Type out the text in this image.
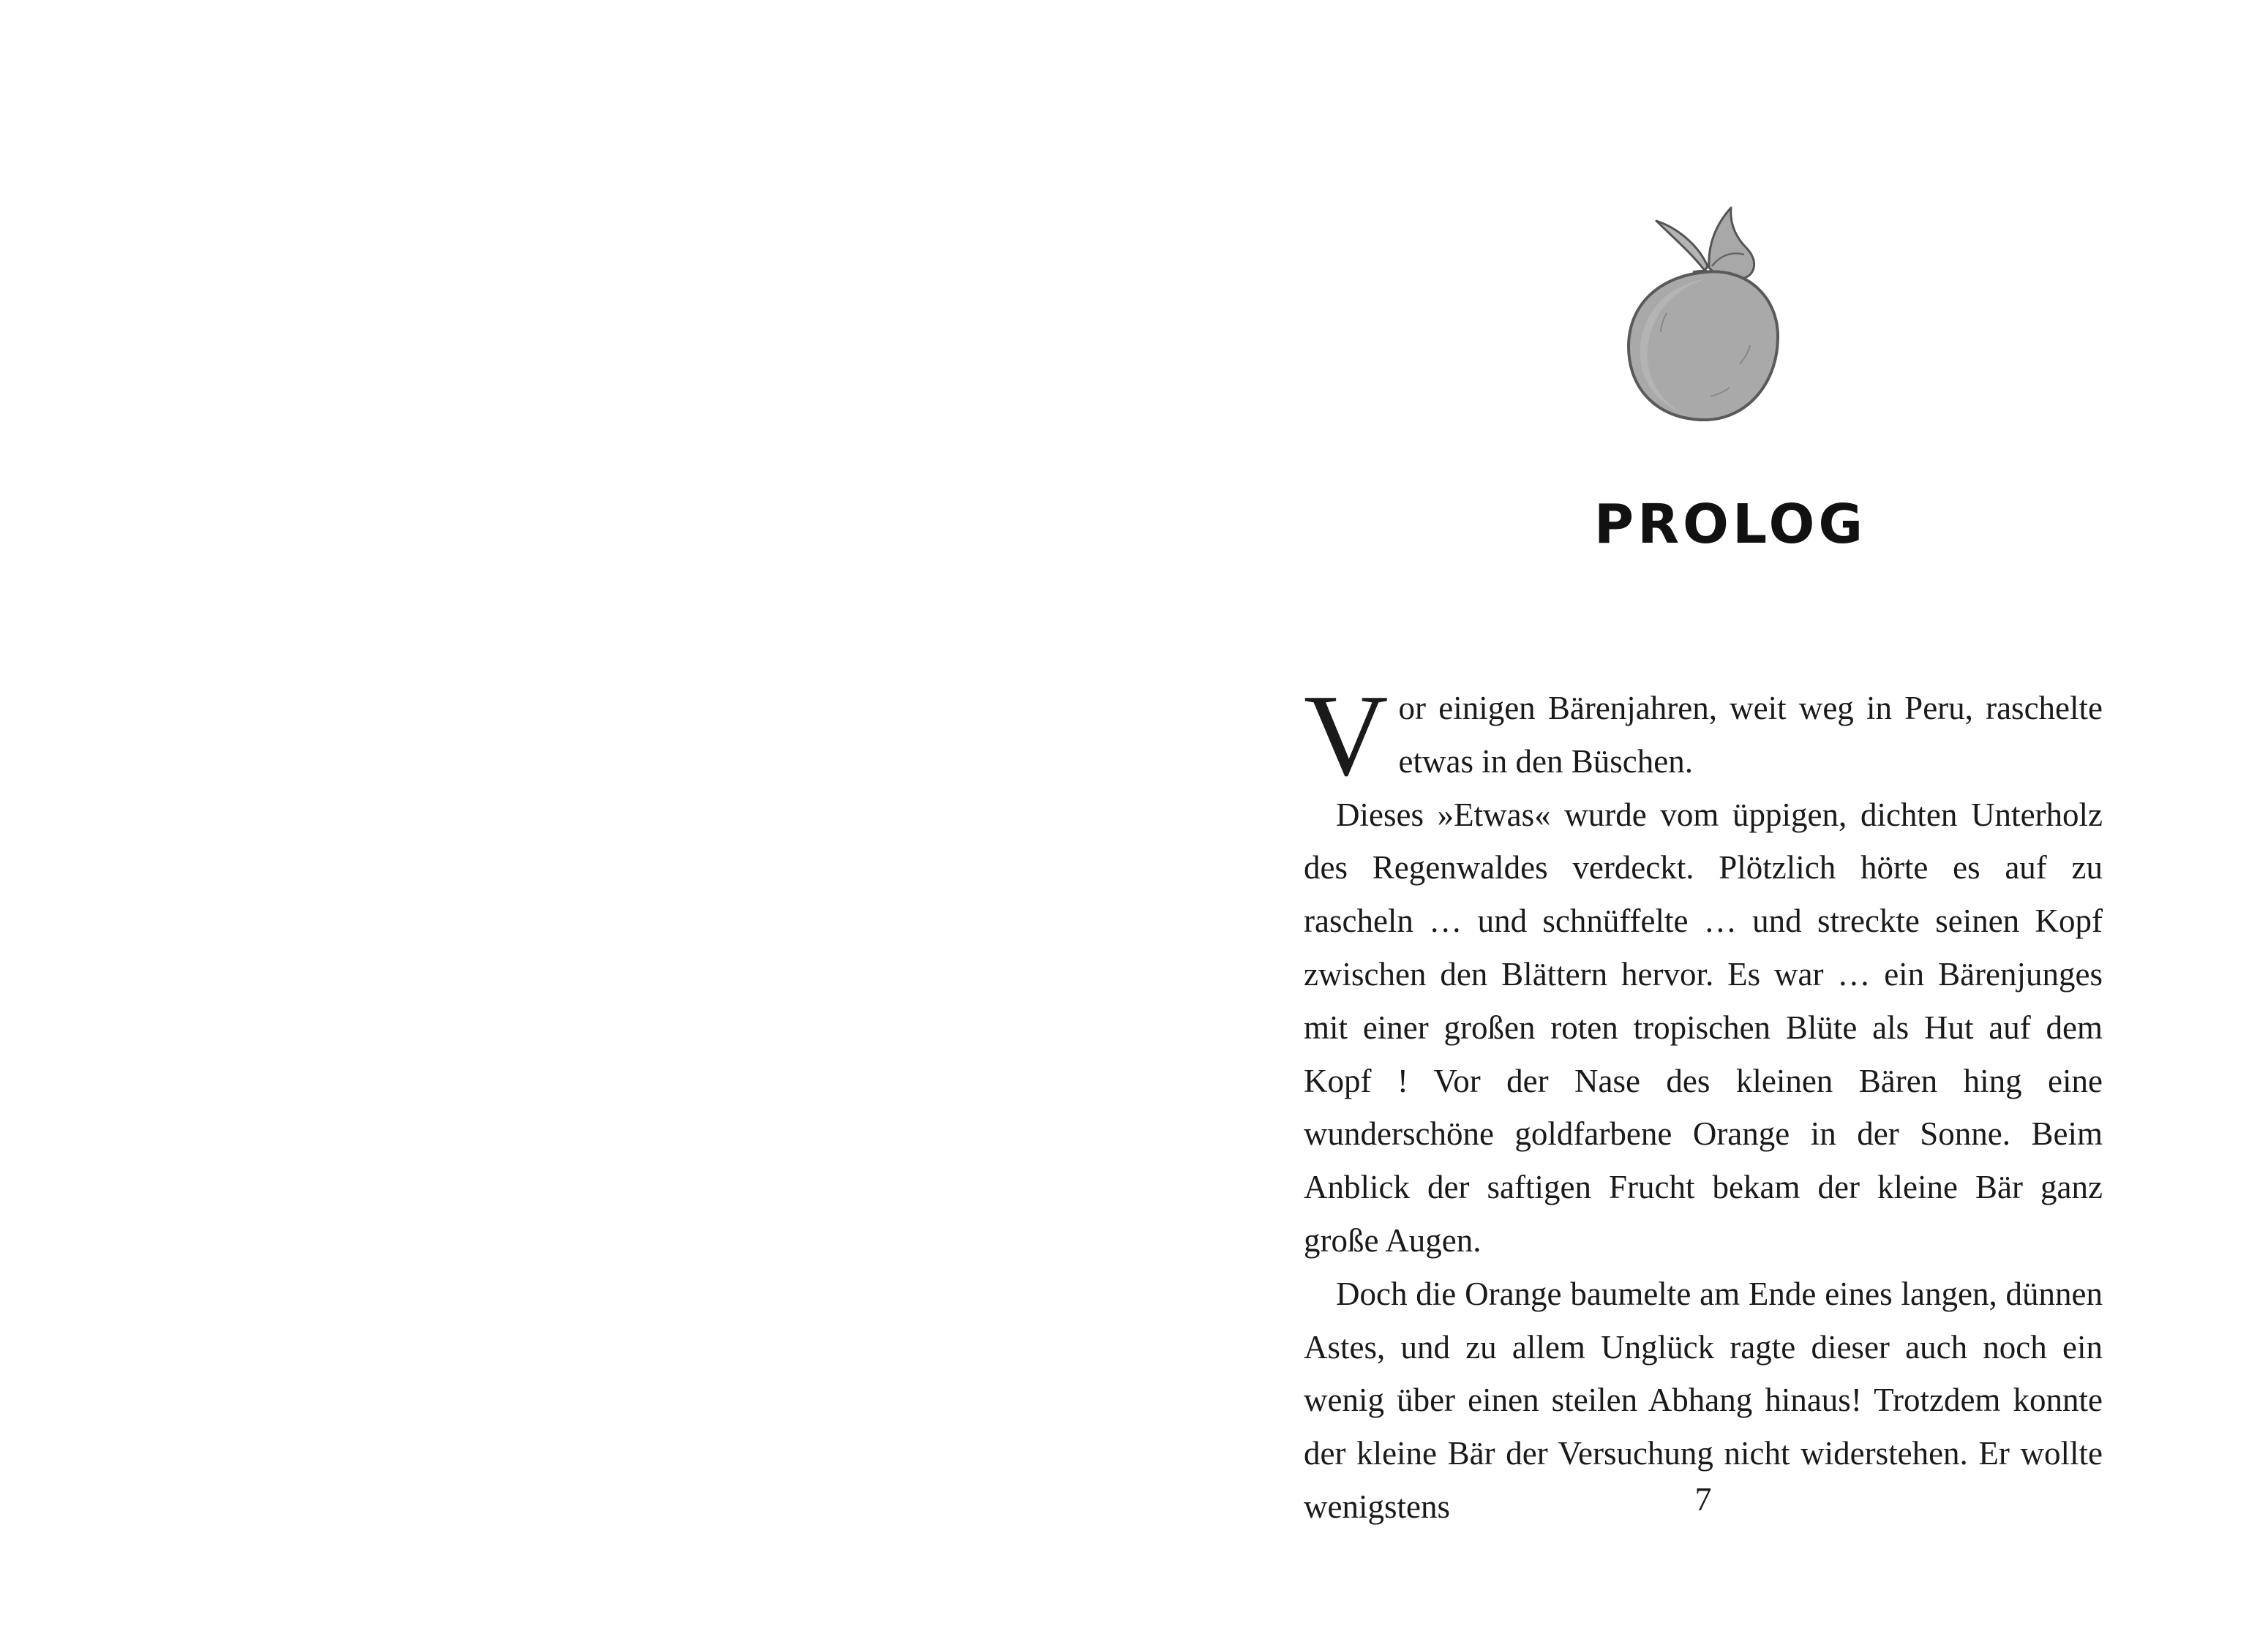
PROLOG

Vor einigen Bärenjahren, weit weg in Peru, raschelte etwas in den Büschen.

Dieses »Etwas« wurde vom üppigen, dichten Unterholz des Regenwaldes verdeckt. Plötzlich hörte es auf zu rascheln … und schnüffelte … und streckte seinen Kopf zwischen den Blättern hervor. Es war … ein Bärenjunges mit einer großen roten tropischen Blüte als Hut auf dem Kopf ! Vor der Nase des kleinen Bären hing eine wunderschöne goldfarbene Orange in der Sonne. Beim Anblick der saftigen Frucht bekam der kleine Bär ganz große Augen.

Doch die Orange baumelte am Ende eines langen, dünnen Astes, und zu allem Unglück ragte dieser auch noch ein wenig über einen steilen Abhang hinaus! Trotzdem konnte der kleine Bär der Versuchung nicht widerstehen. Er wollte wenigstens	7
